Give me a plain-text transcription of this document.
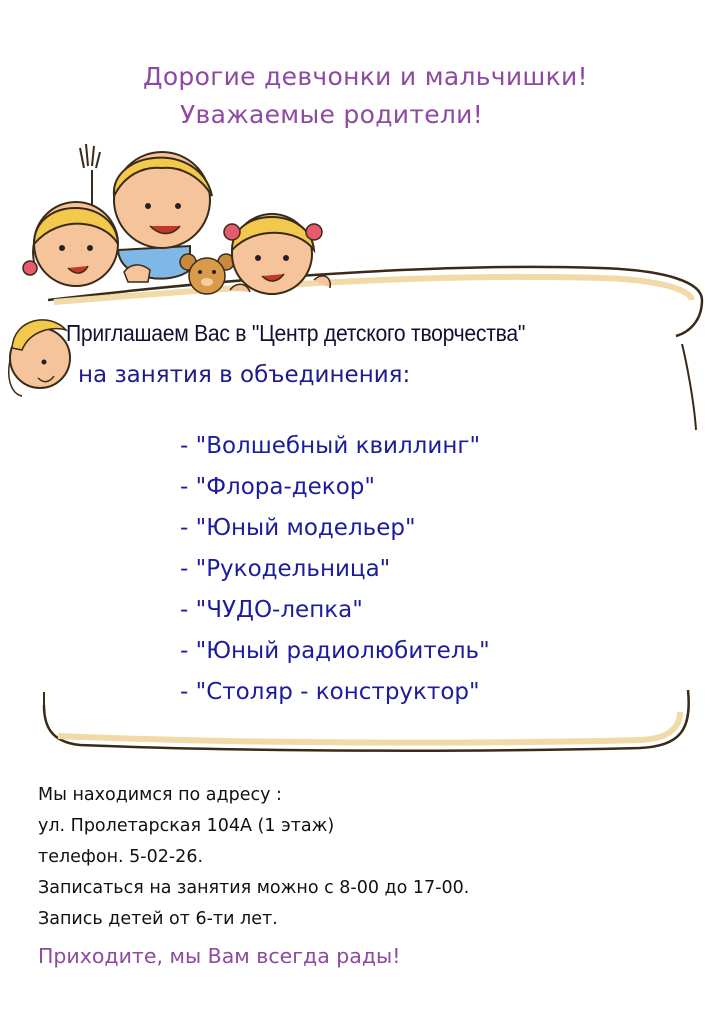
Дорогие девчонки и мальчишки!
Уважаемые родители!
Приглашаем Вас в "Центр детского творчества"
на занятия в объединения:
- "Волшебный квиллинг"
- "Флора-декор"
- "Юный модельер"
- "Рукодельница"
- "ЧУДО-лепка"
- "Юный радиолюбитель"
- "Столяр - конструктор"
Мы находимся по адресу :
ул. Пролетарская 104А (1 этаж)
телефон. 5-02-26.
Записаться на занятия можно с 8-00 до 17-00.
Запись детей от 6-ти лет.
Приходите, мы Вам всегда рады!
